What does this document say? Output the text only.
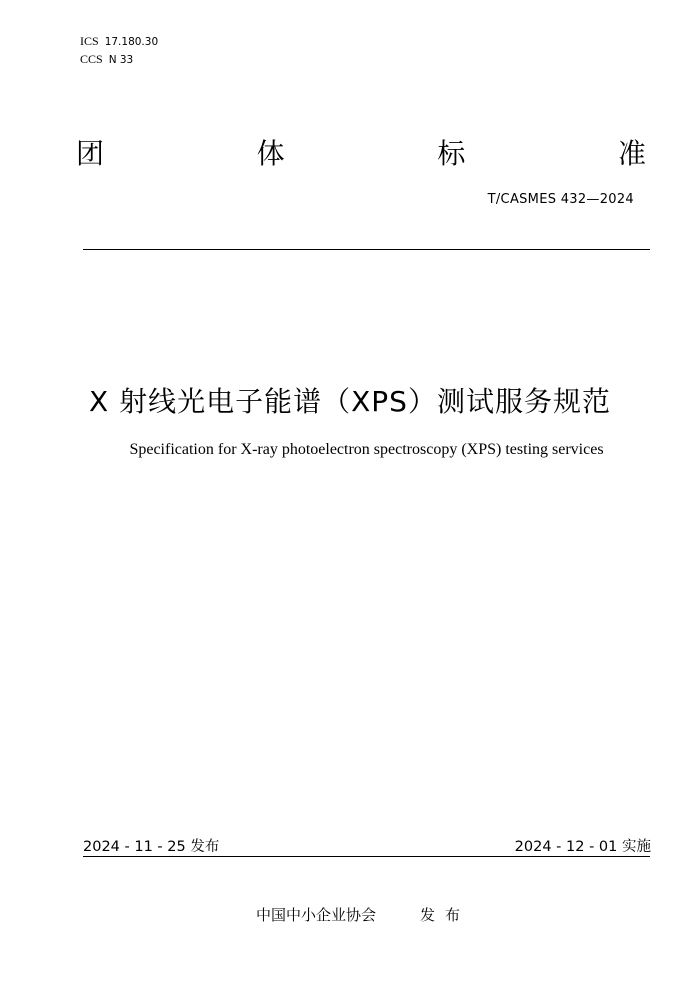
ICS 17.180.30
CCS N 33
团	体	标	准
T/CASMES 432—2024
X 射线光电子能谱（XPS）测试服务规范
Specification for X-ray photoelectron spectroscopy (XPS) testing services
2024 - 11 - 25 发布	2024 - 12 - 01 实施
中国中小企业协会	发布
